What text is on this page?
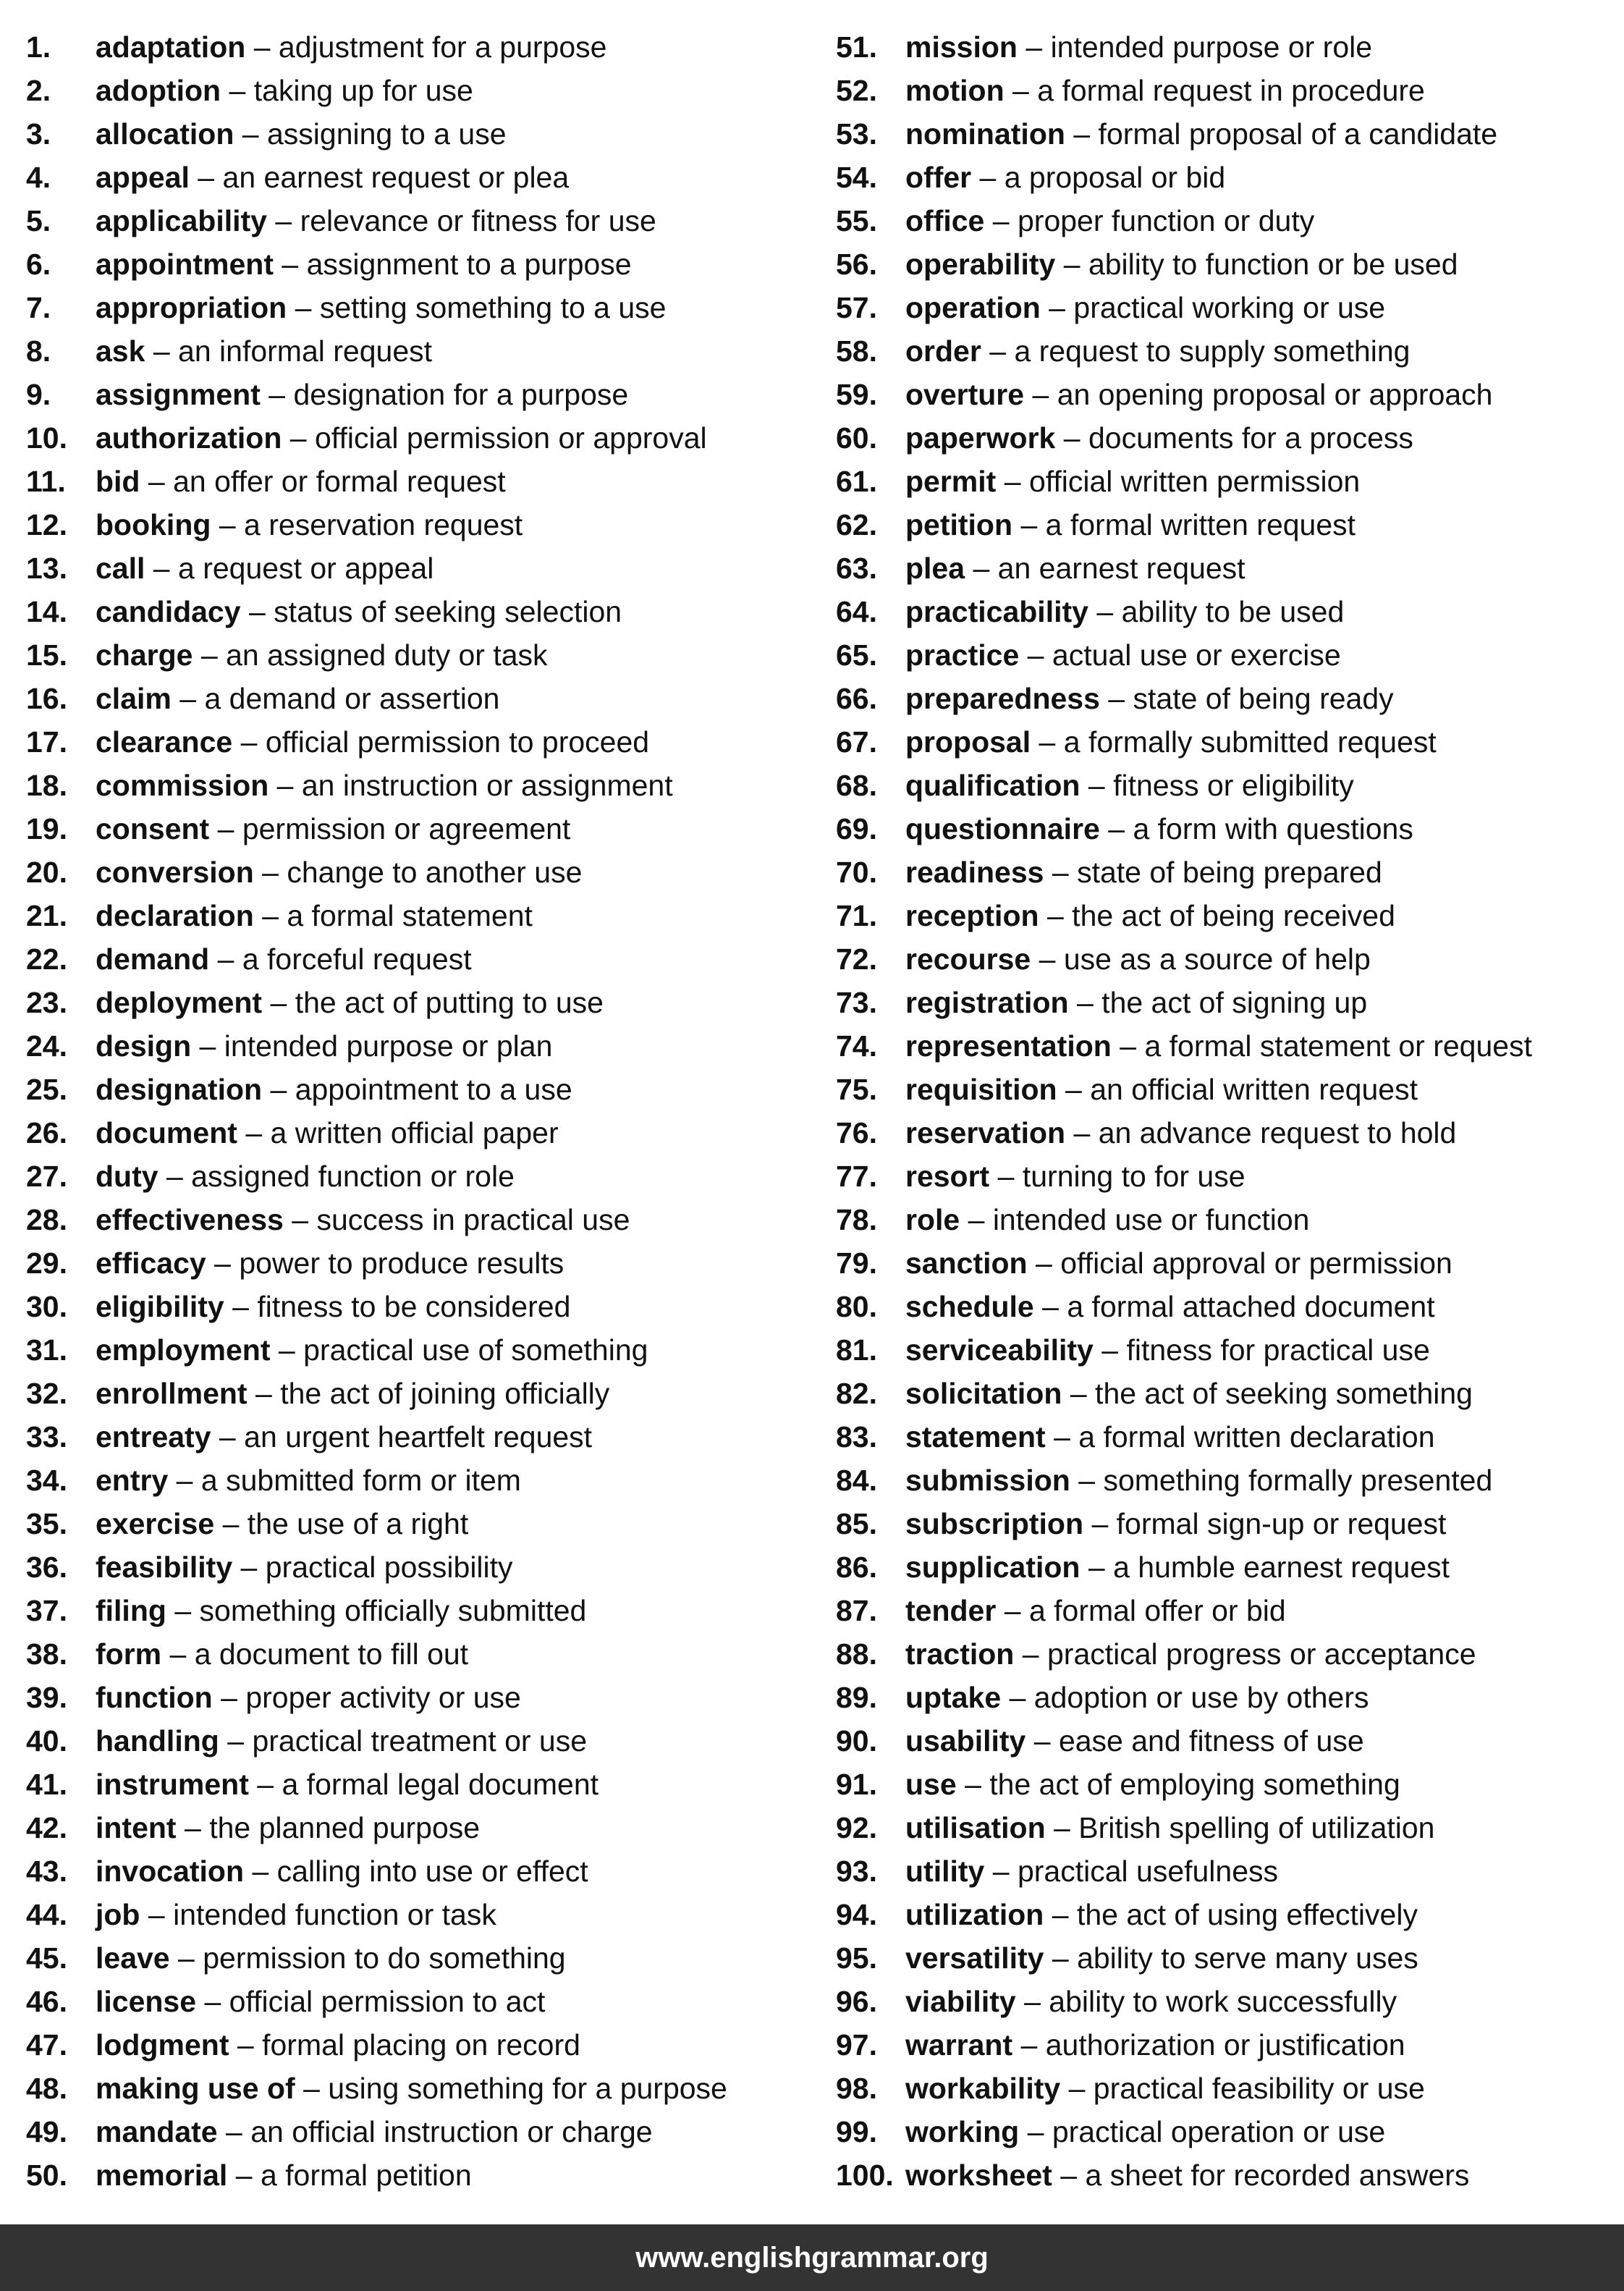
1. adaptation – adjustment for a purpose
2. adoption – taking up for use
3. allocation – assigning to a use
4. appeal – an earnest request or plea
5. applicability – relevance or fitness for use
6. appointment – assignment to a purpose
7. appropriation – setting something to a use
8. ask – an informal request
9. assignment – designation for a purpose
10. authorization – official permission or approval
11. bid – an offer or formal request
12. booking – a reservation request
13. call – a request or appeal
14. candidacy – status of seeking selection
15. charge – an assigned duty or task
16. claim – a demand or assertion
17. clearance – official permission to proceed
18. commission – an instruction or assignment
19. consent – permission or agreement
20. conversion – change to another use
21. declaration – a formal statement
22. demand – a forceful request
23. deployment – the act of putting to use
24. design – intended purpose or plan
25. designation – appointment to a use
26. document – a written official paper
27. duty – assigned function or role
28. effectiveness – success in practical use
29. efficacy – power to produce results
30. eligibility – fitness to be considered
31. employment – practical use of something
32. enrollment – the act of joining officially
33. entreaty – an urgent heartfelt request
34. entry – a submitted form or item
35. exercise – the use of a right
36. feasibility – practical possibility
37. filing – something officially submitted
38. form – a document to fill out
39. function – proper activity or use
40. handling – practical treatment or use
41. instrument – a formal legal document
42. intent – the planned purpose
43. invocation – calling into use or effect
44. job – intended function or task
45. leave – permission to do something
46. license – official permission to act
47. lodgment – formal placing on record
48. making use of – using something for a purpose
49. mandate – an official instruction or charge
50. memorial – a formal petition
51. mission – intended purpose or role
52. motion – a formal request in procedure
53. nomination – formal proposal of a candidate
54. offer – a proposal or bid
55. office – proper function or duty
56. operability – ability to function or be used
57. operation – practical working or use
58. order – a request to supply something
59. overture – an opening proposal or approach
60. paperwork – documents for a process
61. permit – official written permission
62. petition – a formal written request
63. plea – an earnest request
64. practicability – ability to be used
65. practice – actual use or exercise
66. preparedness – state of being ready
67. proposal – a formally submitted request
68. qualification – fitness or eligibility
69. questionnaire – a form with questions
70. readiness – state of being prepared
71. reception – the act of being received
72. recourse – use as a source of help
73. registration – the act of signing up
74. representation – a formal statement or request
75. requisition – an official written request
76. reservation – an advance request to hold
77. resort – turning to for use
78. role – intended use or function
79. sanction – official approval or permission
80. schedule – a formal attached document
81. serviceability – fitness for practical use
82. solicitation – the act of seeking something
83. statement – a formal written declaration
84. submission – something formally presented
85. subscription – formal sign-up or request
86. supplication – a humble earnest request
87. tender – a formal offer or bid
88. traction – practical progress or acceptance
89. uptake – adoption or use by others
90. usability – ease and fitness of use
91. use – the act of employing something
92. utilisation – British spelling of utilization
93. utility – practical usefulness
94. utilization – the act of using effectively
95. versatility – ability to serve many uses
96. viability – ability to work successfully
97. warrant – authorization or justification
98. workability – practical feasibility or use
99. working – practical operation or use
100. worksheet – a sheet for recorded answers
www.englishgrammar.org
